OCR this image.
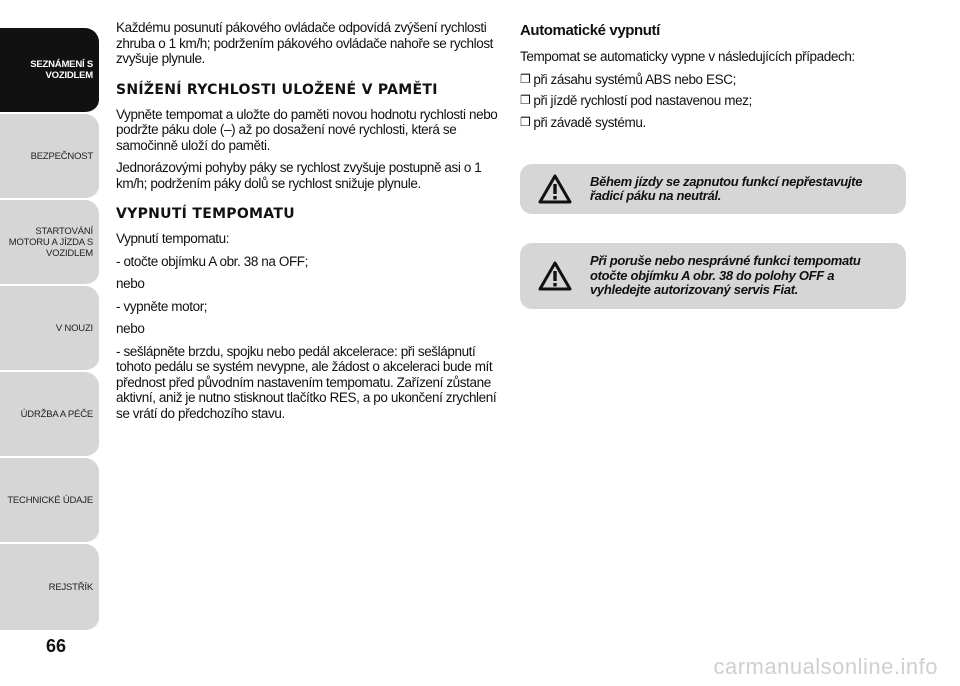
SEZNÁMENÍ S
VOZIDLEM
BEZPEČNOST
STARTOVÁNÍ
MOTORU A JÍZDA S
VOZIDLEM
V NOUZI
ÚDRŽBA A PÉČE
TECHNICKÉ ÚDAJE
REJSTŘÍK
66

Každému posunutí pákového ovládače odpovídá zvýšení rychlosti zhruba o 1 km/h; podržením pákového ovládače nahoře se rychlost zvyšuje plynule.

SNÍŽENÍ RYCHLOSTI ULOŽENÉ V PAMĚTI

Vypněte tempomat a uložte do paměti novou hodnotu rychlosti nebo podržte páku dole (–) až po dosažení nové rychlosti, která se samočinně uloží do paměti.

Jednorázovými pohyby páky se rychlost zvyšuje postupně asi o 1 km/h; podržením páky dolů se rychlost snižuje plynule.

VYPNUTÍ TEMPOMATU

Vypnutí tempomatu:

- otočte objímku A obr. 38 na OFF;

nebo

- vypněte motor;

nebo

- sešlápněte brzdu, spojku nebo pedál akcelerace: při sešlápnutí tohoto pedálu se systém nevypne, ale žádost o akceleraci bude mít přednost před původním nastavením tempomatu. Zařízení zůstane aktivní, aniž je nutno stisknout tlačítko RES, a po ukončení zrychlení se vrátí do předchozího stavu.

Automatické vypnutí

Tempomat se automaticky vypne v následujících případech:

❒ při zásahu systémů ABS nebo ESC;
❒ při jízdě rychlostí pod nastavenou mez;
❒ při závadě systému.
Během jízdy se zapnutou funkcí nepřestavujte řadicí páku na neutrál.
Při poruše nebo nesprávné funkci tempomatu otočte objímku A obr. 38 do polohy OFF a vyhledejte autorizovaný servis Fiat.
carmanualsonline.info
